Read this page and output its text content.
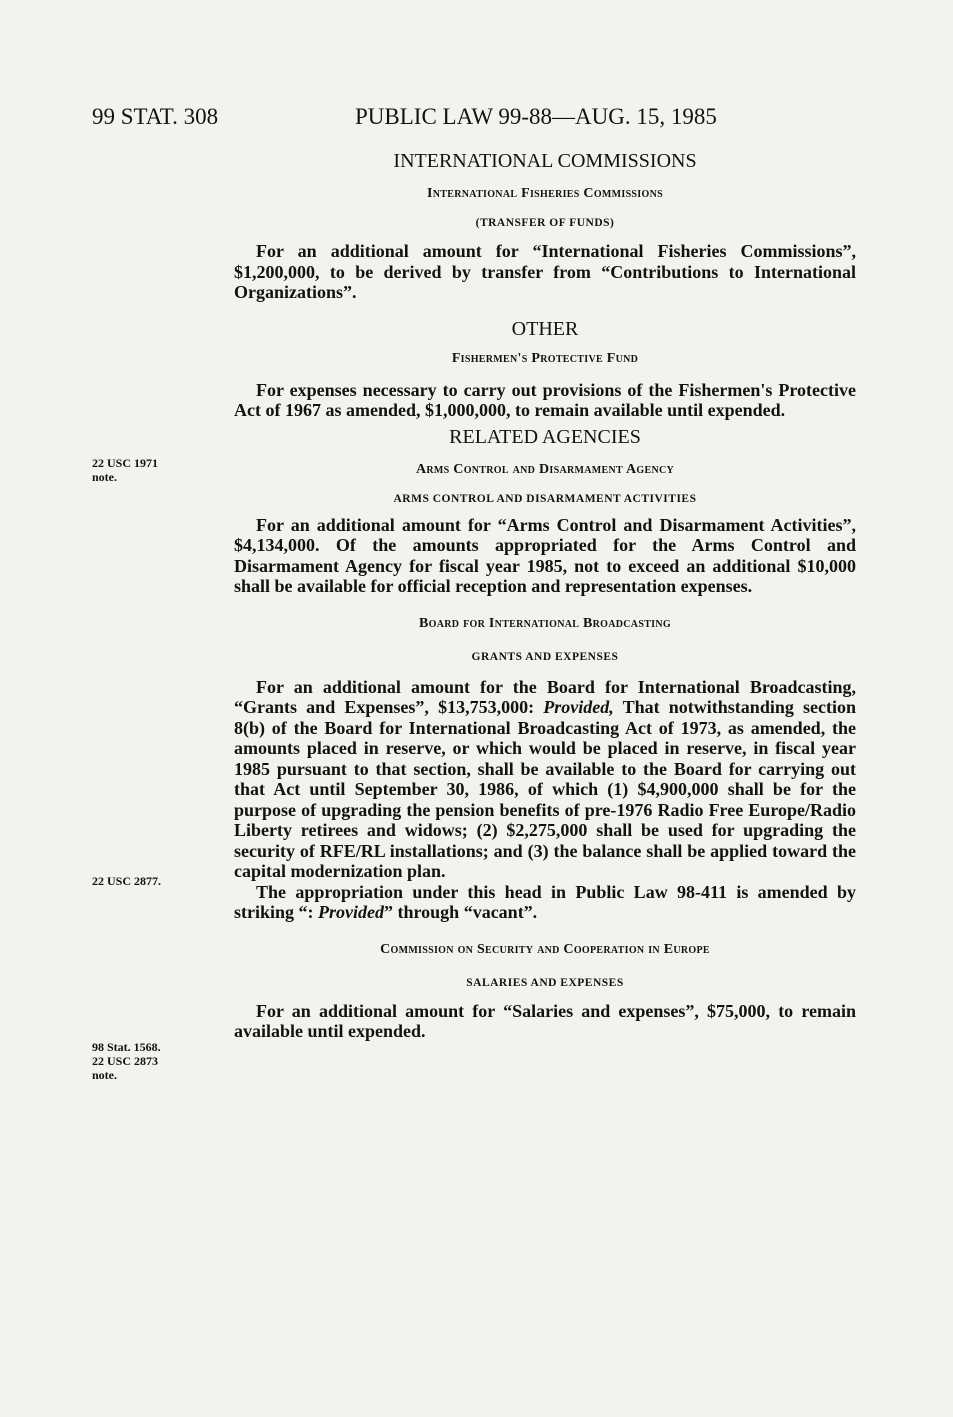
99 STAT. 308	PUBLIC LAW 99-88—AUG. 15, 1985
22 USC 1971
note.
22 USC 2877.
98 Stat. 1568.
22 USC 2873
note.

INTERNATIONAL COMMISSIONS

International Fisheries Commissions

(TRANSFER OF FUNDS)

For an additional amount for “International Fisheries Commissions”, $1,200,000, to be derived by transfer from “Contributions to International Organizations”.

OTHER

Fishermen's Protective Fund

For expenses necessary to carry out provisions of the Fishermen's Protective Act of 1967 as amended, $1,000,000, to remain available until expended.

RELATED AGENCIES

Arms Control and Disarmament Agency

ARMS CONTROL AND DISARMAMENT ACTIVITIES

For an additional amount for “Arms Control and Disarmament Activities”, $4,134,000. Of the amounts appropriated for the Arms Control and Disarmament Agency for fiscal year 1985, not to exceed an additional $10,000 shall be available for official reception and representation expenses.

Board for International Broadcasting

GRANTS AND EXPENSES

For an additional amount for the Board for International Broadcasting, “Grants and Expenses”, $13,753,000: Provided, That notwithstanding section 8(b) of the Board for International Broadcasting Act of 1973, as amended, the amounts placed in reserve, or which would be placed in reserve, in fiscal year 1985 pursuant to that section, shall be available to the Board for carrying out that Act until September 30, 1986, of which (1) $4,900,000 shall be for the purpose of upgrading the pension benefits of pre-1976 Radio Free Europe/Radio Liberty retirees and widows; (2) $2,275,000 shall be used for upgrading the security of RFE/RL installations; and (3) the balance shall be applied toward the capital modernization plan.

The appropriation under this head in Public Law 98-411 is amended by striking “: Provided” through “vacant”.

Commission on Security and Cooperation in Europe

SALARIES AND EXPENSES

For an additional amount for “Salaries and expenses”, $75,000, to remain available until expended.
